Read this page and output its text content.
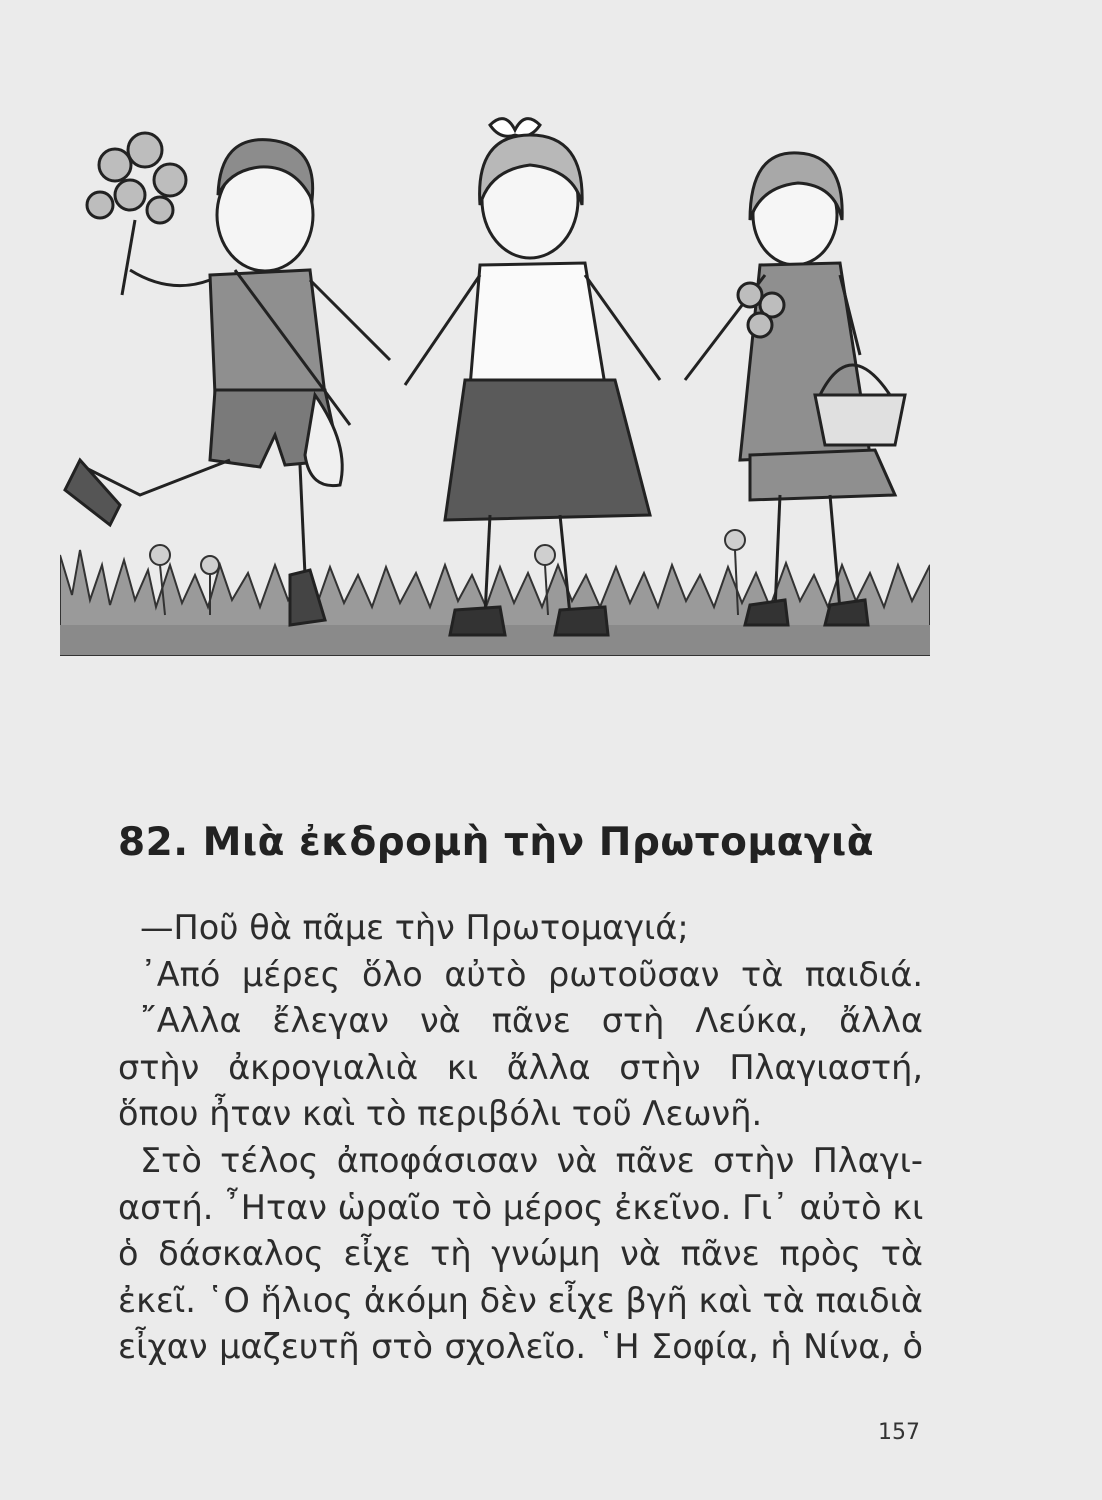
82. Μιὰ ἐκδρομὴ τὴν Πρωτομαγιὰ
—Ποῦ θὰ πᾶμε τὴν Πρωτομαγιά;
᾽Από μέρες ὅλο αὐτὸ ρωτοῦσαν τὰ παιδιά.
῎Αλλα ἔλεγαν νὰ πᾶνε στὴ Λεύκα, ἄλλα
στὴν ἀκρογιαλιὰ κι ἄλλα στὴν Πλαγιαστή,
ὅπου ἦταν καὶ τὸ περιβόλι τοῦ Λεωνῆ.
Στὸ τέλος ἀποφάσισαν νὰ πᾶνε στὴν Πλαγι-
αστή. ῏Ηταν ὡραῖο τὸ μέρος ἐκεῖνο. Γι᾽ αὐτὸ κι
ὁ δάσκαλος εἶχε τὴ γνώμη νὰ πᾶνε πρὸς τὰ
ἐκεῖ. ῾Ο ἥλιος ἀκόμη δὲν εἶχε βγῆ καὶ τὰ παιδιὰ
εἶχαν μαζευτῆ στὸ σχολεῖο. ῾Η Σοφία, ἡ Νίνα, ὁ
157
